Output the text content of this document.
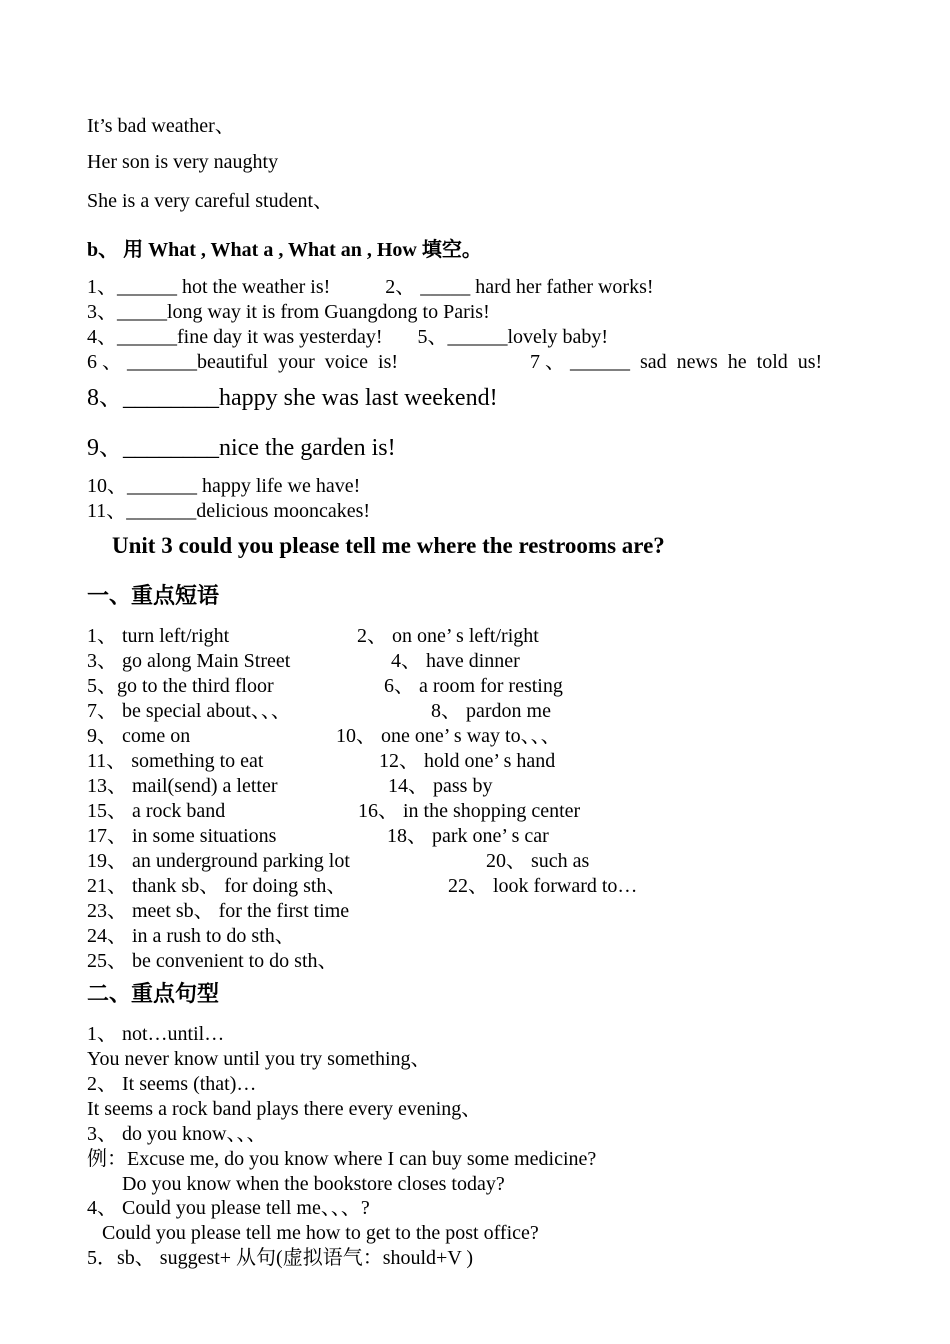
It’s bad weather、
Her son is very naughty
She is a very careful student、
b、 用 What , What a , What an , How 填空。
1、______ hot the weather is!           2、 _____ hard her father works!
3、_____long way it is from Guangdong to Paris!
4、______fine day it was yesterday!       5、______lovely baby!
6 、 _______beautiful  your  voice  is!	7 、 ______  sad  news  he  told  us!
8、________happy she was last weekend!
9、________nice the garden is!
10、_______ happy life we have!
11、_______delicious mooncakes!
Unit 3 could you please tell me where the restrooms are?
一、重点短语
1、 turn left/right	2、 on one’ s left/right
3、 go along Main Street	4、 have dinner
5、go to the third floor	6、 a room for resting
7、 be special about、、、	8、 pardon me
9、 come on	10、 one one’ s way to、、、
11、 something to eat	12、 hold one’ s hand
13、 mail(send) a letter	14、 pass by
15、 a rock band	16、 in the shopping center
17、 in some situations	18、 park one’ s car
19、 an underground parking lot	20、 such as
21、 thank sb、 for doing sth、	22、 look forward to…
23、 meet sb、 for the first time
24、 in a rush to do sth、
25、 be convenient to do sth、
二、重点句型
1、 not…until…
You never know until you try something、
2、 It seems (that)…
It seems a rock band plays there every evening、
3、 do you know、、、
例：Excuse me, do you know where I can buy some medicine?
Do you know when the bookstore closes today?
4、 Could you please tell me、、、?
Could you please tell me how to get to the post office?
5．sb、 suggest+ 从句(虚拟语气：should+V )
